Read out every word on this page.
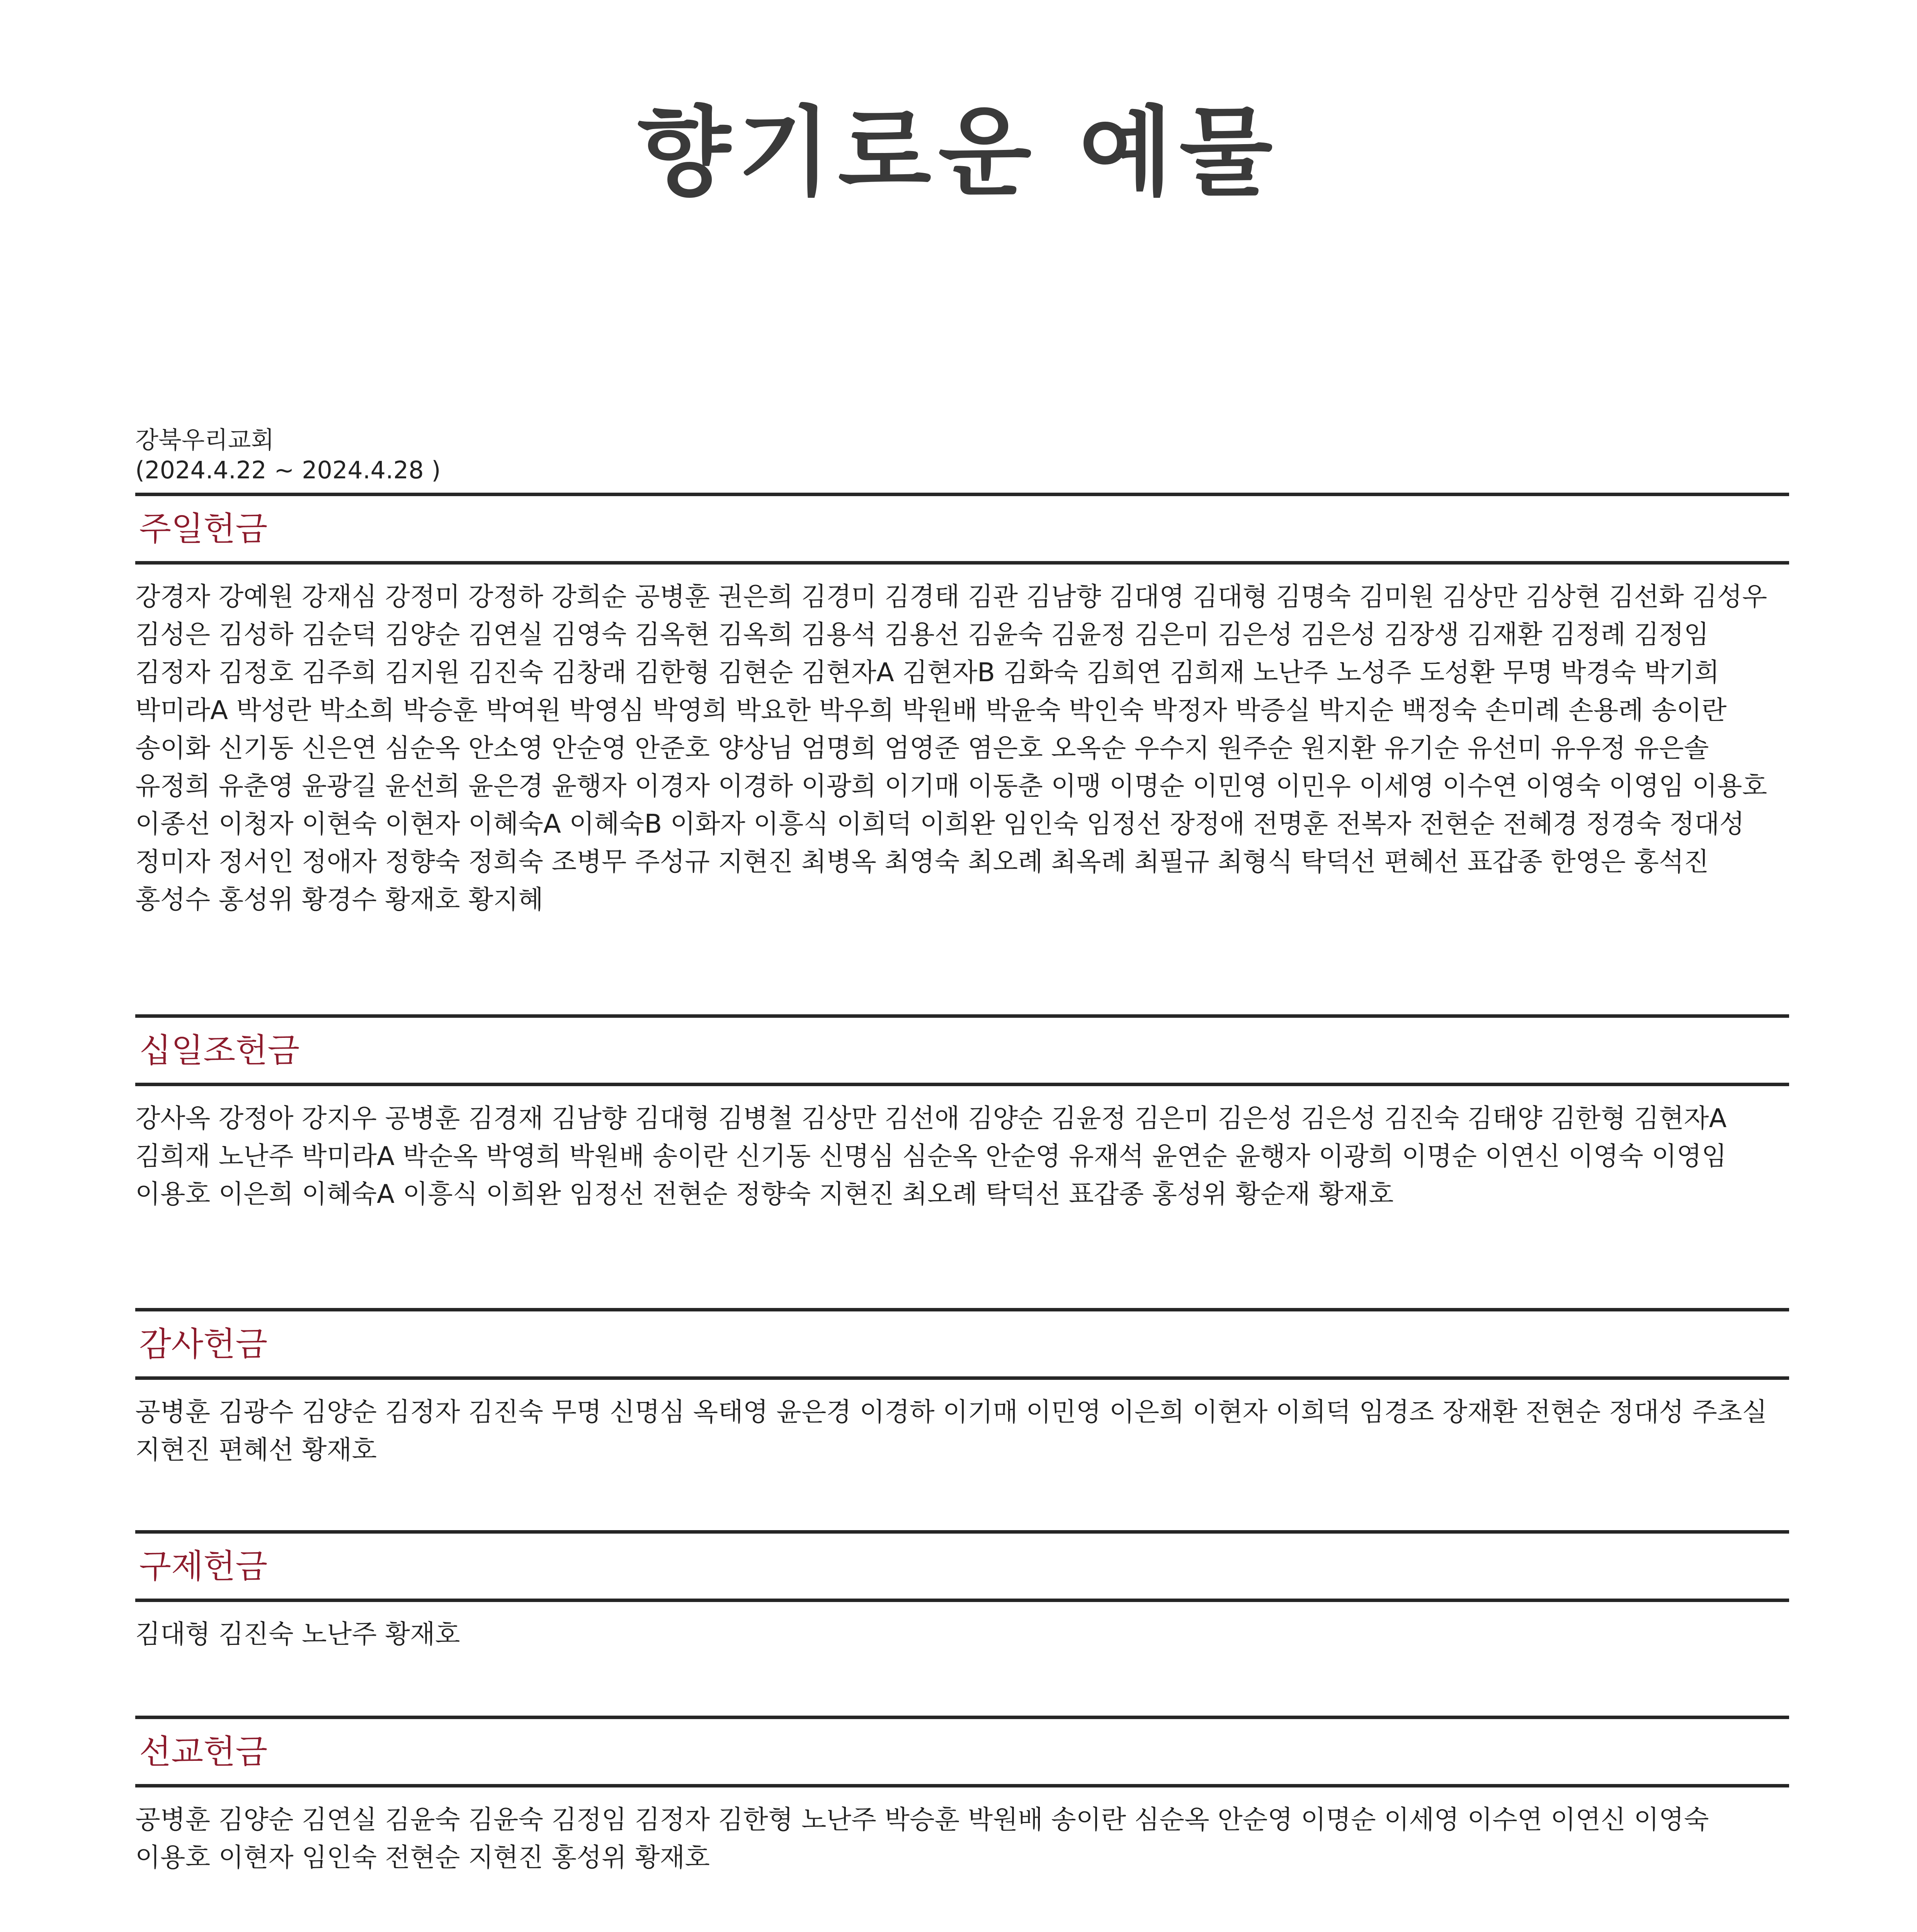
향기로운 예물
강북우리교회
(2024.4.22 ~ 2024.4.28 )
주일헌금
강경자 강예원 강재심 강정미 강정하 강희순 공병훈 권은희 김경미 김경태 김관 김남향 김대영 김대형 김명숙 김미원 김상만 김상현 김선화 김성우 김성은 김성하 김순덕 김양순 김연실 김영숙 김옥현 김옥희 김용석 김용선 김윤숙 김윤정 김은미 김은성 김은성 김장생 김재환 김정례 김정임 김정자 김정호 김주희 김지원 김진숙 김창래 김한형 김현순 김현자A 김현자B 김화숙 김희연 김희재 노난주 노성주 도성환 무명 박경숙 박기희 박미라A 박성란 박소희 박승훈 박여원 박영심 박영희 박요한 박우희 박원배 박윤숙 박인숙 박정자 박증실 박지순 백정숙 손미례 손용례 송이란 송이화 신기동 신은연 심순옥 안소영 안순영 안준호 양상님 엄명희 엄영준 염은호 오옥순 우수지 원주순 원지환 유기순 유선미 유우정 유은솔 유정희 유춘영 윤광길 윤선희 윤은경 윤행자 이경자 이경하 이광희 이기매 이동춘 이맹 이명순 이민영 이민우 이세영 이수연 이영숙 이영임 이용호 이종선 이청자 이현숙 이현자 이혜숙A 이혜숙B 이화자 이흥식 이희덕 이희완 임인숙 임정선 장정애 전명훈 전복자 전현순 전혜경 정경숙 정대성 정미자 정서인 정애자 정향숙 정희숙 조병무 주성규 지현진 최병옥 최영숙 최오례 최옥례 최필규 최형식 탁덕선 편혜선 표갑종 한영은 홍석진 홍성수 홍성위 황경수 황재호 황지혜
십일조헌금
강사옥 강정아 강지우 공병훈 김경재 김남향 김대형 김병철 김상만 김선애 김양순 김윤정 김은미 김은성 김은성 김진숙 김태양 김한형 김현자A 김희재 노난주 박미라A 박순옥 박영희 박원배 송이란 신기동 신명심 심순옥 안순영 유재석 윤연순 윤행자 이광희 이명순 이연신 이영숙 이영임 이용호 이은희 이혜숙A 이흥식 이희완 임정선 전현순 정향숙 지현진 최오례 탁덕선 표갑종 홍성위 황순재 황재호
감사헌금
공병훈 김광수 김양순 김정자 김진숙 무명 신명심 옥태영 윤은경 이경하 이기매 이민영 이은희 이현자 이희덕 임경조 장재환 전현순 정대성 주초실 지현진 편혜선 황재호
구제헌금
김대형 김진숙 노난주 황재호
선교헌금
공병훈 김양순 김연실 김윤숙 김윤숙 김정임 김정자 김한형 노난주 박승훈 박원배 송이란 심순옥 안순영 이명순 이세영 이수연 이연신 이영숙 이용호 이현자 임인숙 전현순 지현진 홍성위 황재호
